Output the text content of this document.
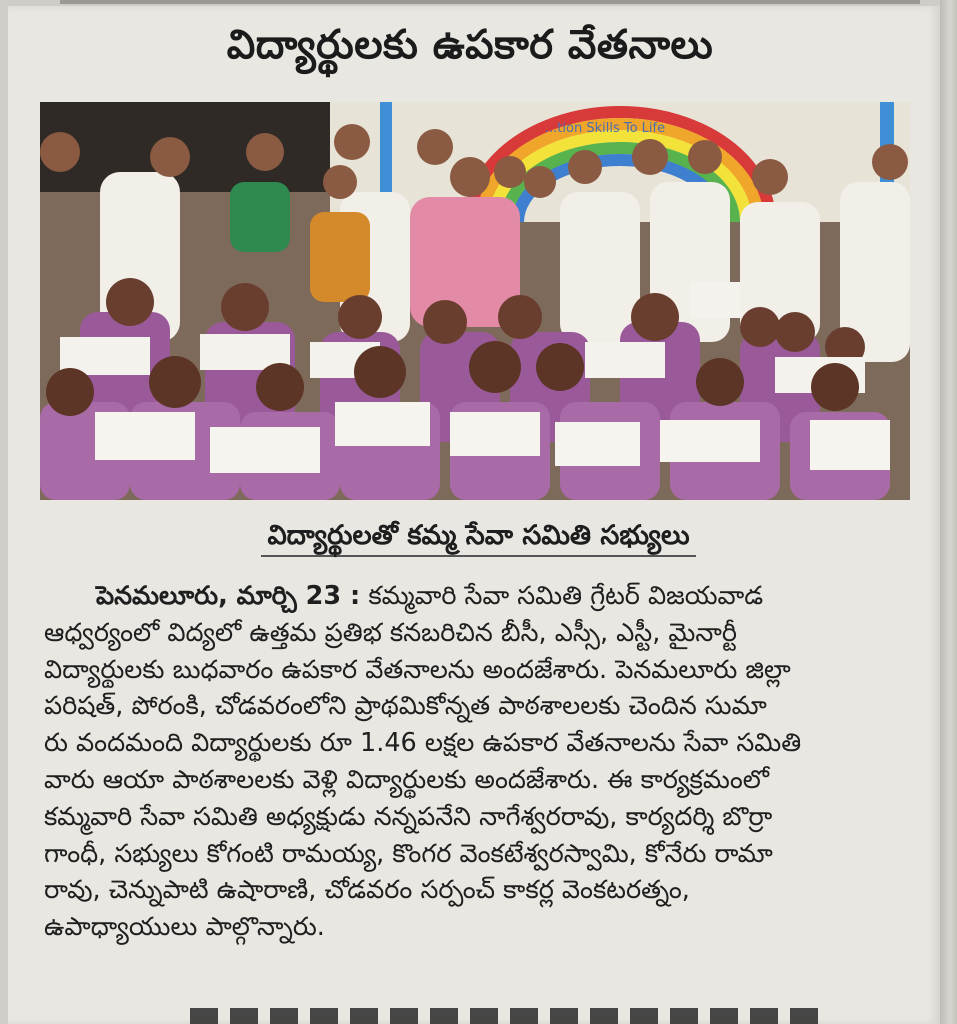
విద్యార్థులకు ఉపకార వేతనాలు
...tion Skills To Life
విద్యార్థులతో కమ్మ సేవా సమితి సభ్యులు
పెనమలూరు, మార్చి 23 : కమ్మవారి సేవా సమితి గ్రేటర్ విజయవాడ
ఆధ్వర్యంలో విద్యలో ఉత్తమ ప్రతిభ కనబరిచిన బీసీ, ఎస్సీ, ఎస్టీ, మైనార్టీ
విద్యార్థులకు బుధవారం ఉపకార వేతనాలను అందజేశారు. పెనమలూరు జిల్లా
పరిషత్, పోరంకి, చోడవరంలోని ప్రాథమికోన్నత పాఠశాలలకు చెందిన సుమా
రు వందమంది విద్యార్థులకు రూ 1.46 లక్షల ఉపకార వేతనాలను సేవా సమితి
వారు ఆయా పాఠశాలలకు వెళ్లి విద్యార్థులకు అందజేశారు. ఈ కార్యక్రమంలో
కమ్మవారి సేవా సమితి అధ్యక్షుడు నన్నపనేని నాగేశ్వరరావు, కార్యదర్శి బొర్రా
గాంధీ, సభ్యులు కోగంటి రామయ్య, కొంగర వెంకటేశ్వరస్వామి, కోనేరు రామా
రావు, చెన్నుపాటి ఉషారాణి, చోడవరం సర్పంచ్ కాకర్ల వెంకటరత్నం,
ఉపాధ్యాయులు పాల్గొన్నారు.
